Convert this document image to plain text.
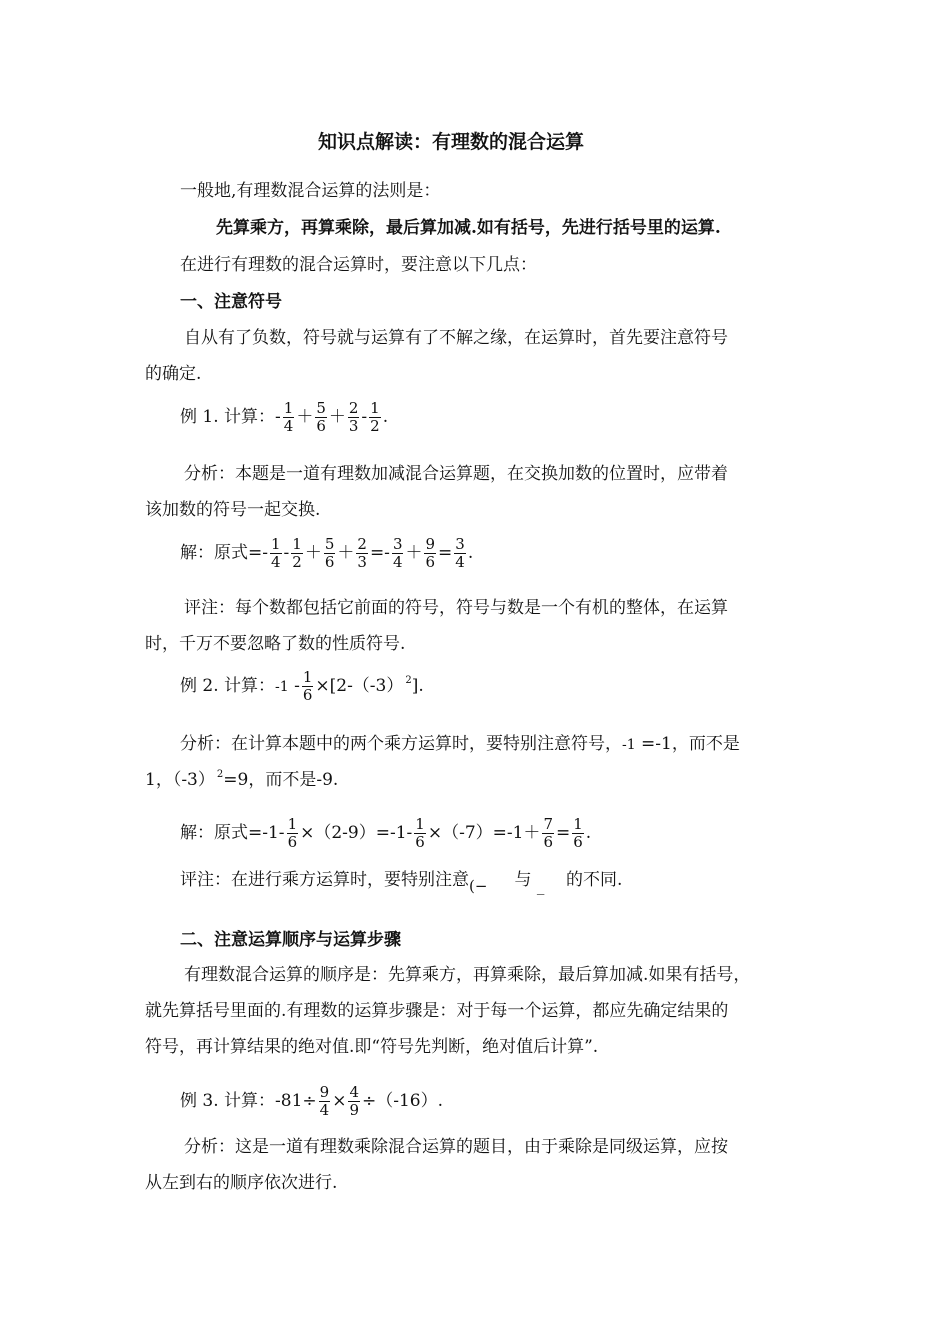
知识点解读：有理数的混合运算
一般地,有理数混合运算的法则是：
先算乘方，再算乘除，最后算加减.如有括号，先进行括号里的运算.
在进行有理数的混合运算时，要注意以下几点：
一、注意符号
自从有了负数，符号就与运算有了不解之缘，在运算时，首先要注意符号
的确定.
例 1. 计算：- $\frac{1}{4} + \frac{5}{6} + \frac{2}{3} - \frac{1}{2}$ .
分析：本题是一道有理数加减混合运算题，在交换加数的位置时，应带着
该加数的符号一起交换.
解：原式=- $\frac{1}{4} - \frac{1}{2} + \frac{5}{6} + \frac{2}{3} =- \frac{3}{4} + \frac{9}{6} = \frac{3}{4}$ .
评注：每个数都包括它前面的符号，符号与数是一个有机的整体，在运算
时，千万不要忽略了数的性质符号.
例 2. 计算：$-1 - \frac{1}{6} \times[2-(-3)$ $^2$].
分析：在计算本题中的两个乘方运算时，要特别注意符号，-1 =-1，而不是
1，（-3） $^2$=9，而不是-9.
解：原式$=-1- \frac{1}{6} \times(2-9)=-1- \frac{1}{6} \times(-7)=-1+ \frac{7}{6} = \frac{1}{6}$ .
评注：在进行乘方运算时，要特别注意(− 与 _ 的不同.
二、注意运算顺序与运算步骤
有理数混合运算的顺序是：先算乘方，再算乘除，最后算加减.如果有括号，
就先算括号里面的.有理数的运算步骤是：对于每一个运算，都应先确定结果的
符号，再计算结果的绝对值.即“符号先判断，绝对值后计算”.
例 3. 计算：$-81\div \frac{9}{4} \times \frac{4}{9} \div(-16)$.
分析：这是一道有理数乘除混合运算的题目，由于乘除是同级运算，应按
从左到右的顺序依次进行.
